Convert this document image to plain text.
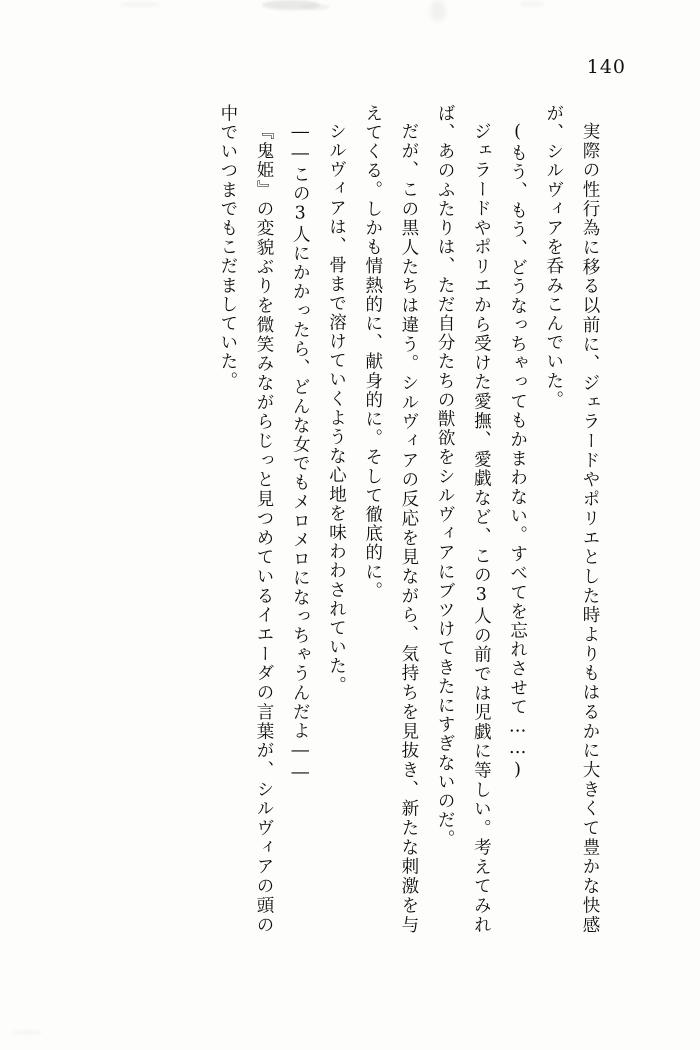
140

実際の性行為に移る以前に、ジェラードやポリエとした時よりもはるかに大きくて豊かな快感が、シルヴィアを呑みこんでいた。

(もう、もう、どうなっちゃってもかまわない。すべてを忘れさせて……)

ジェラードやポリエから受けた愛撫、愛戯など、この3人の前では児戯に等しい。考えてみれば、あのふたりは、ただ自分たちの獣欲をシルヴィアにブツけてきたにすぎないのだ。

だが、この黒人たちは違う。シルヴィアの反応を見ながら、気持ちを見抜き、新たな刺激を与えてくる。しかも情熱的に、献身的に。そして徹底的に。

シルヴィアは、骨まで溶けていくような心地を味わわされていた。

――この3人にかかったら、どんな女でもメロメロになっちゃうんだよ――

『鬼姫』の変貌ぶりを微笑みながらじっと見つめているイエーダの言葉が、シルヴィアの頭の中でいつまでもこだましていた。
